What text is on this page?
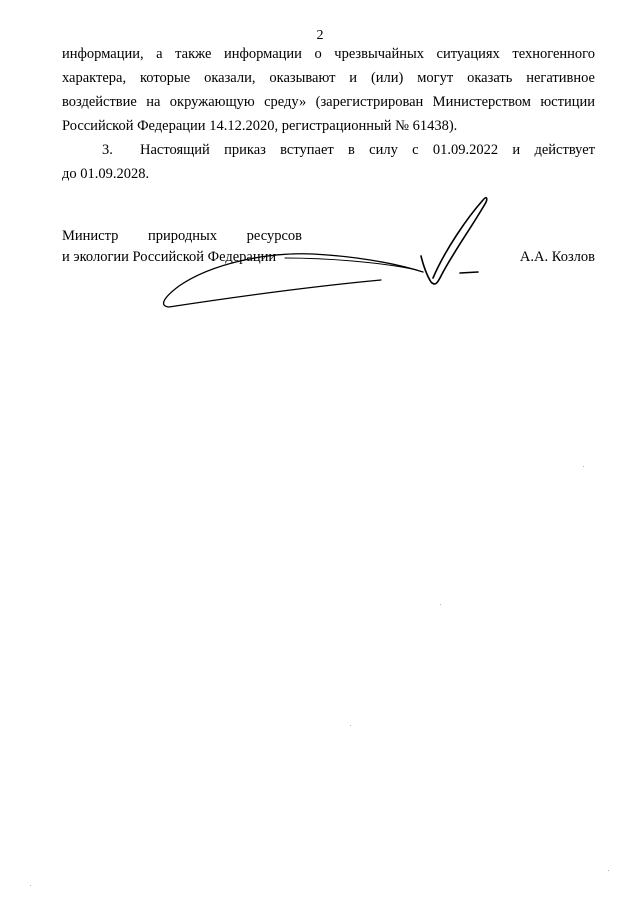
2
информации, а также информации о чрезвычайных ситуациях техногенного
характера, которые оказали, оказывают и (или) могут оказать негативное
воздействие на окружающую среду» (зарегистрирован Министерством юстиции
Российской Федерации 14.12.2020, регистрационный № 61438).
3. Настоящий приказ вступает в силу с 01.09.2022 и действует
до 01.09.2028.
Министр природных ресурсов
и экологии Российской Федерации	А.А. Козлов
